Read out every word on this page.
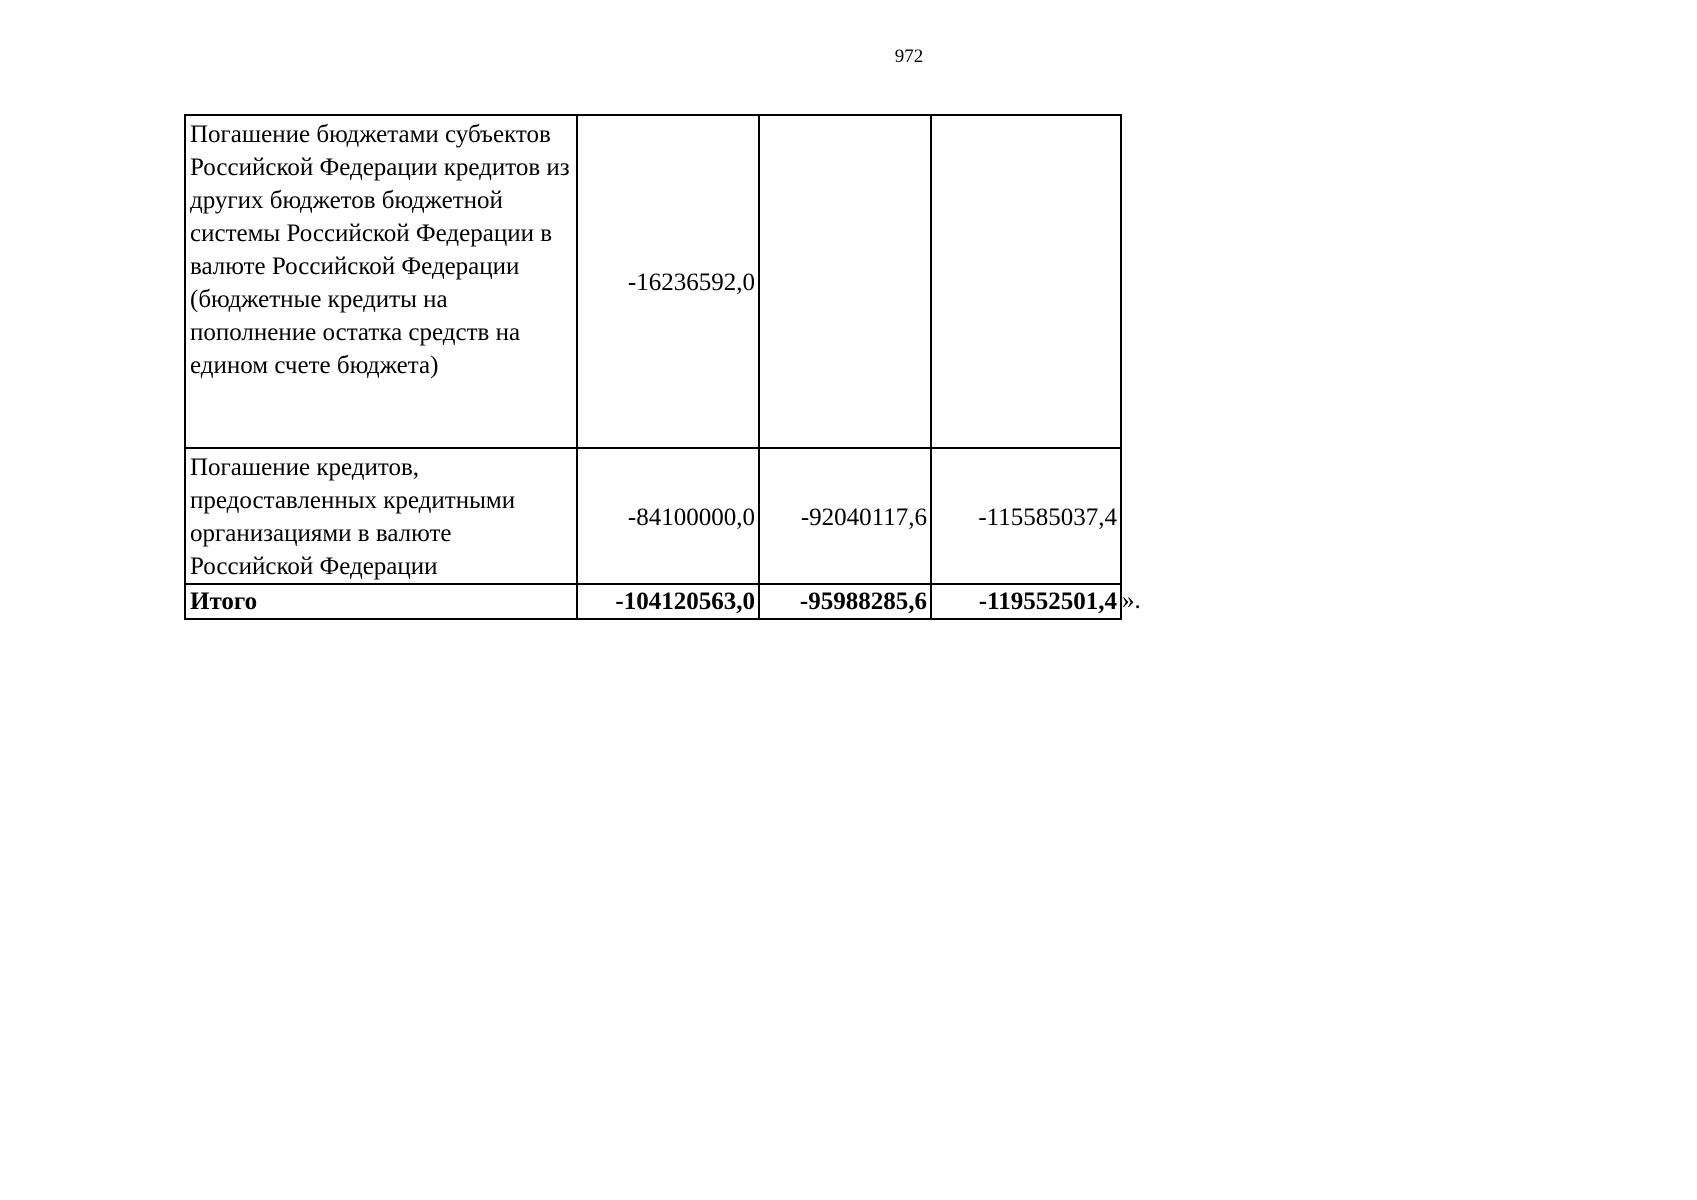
972
Погашение бюджетами субъектов Российской Федерации кредитов из других бюджетов бюджетной системы Российской Федерации в валюте Российской Федерации (бюджетные кредиты на пополнение остатка средств на едином счете бюджета)	-16236592,0		
Погашение кредитов, предоставленных кредитными организациями в валюте Российской Федерации	-84100000,0	-92040117,6	-115585037,4
Итого	-104120563,0	-95988285,6	-119552501,4 ».
